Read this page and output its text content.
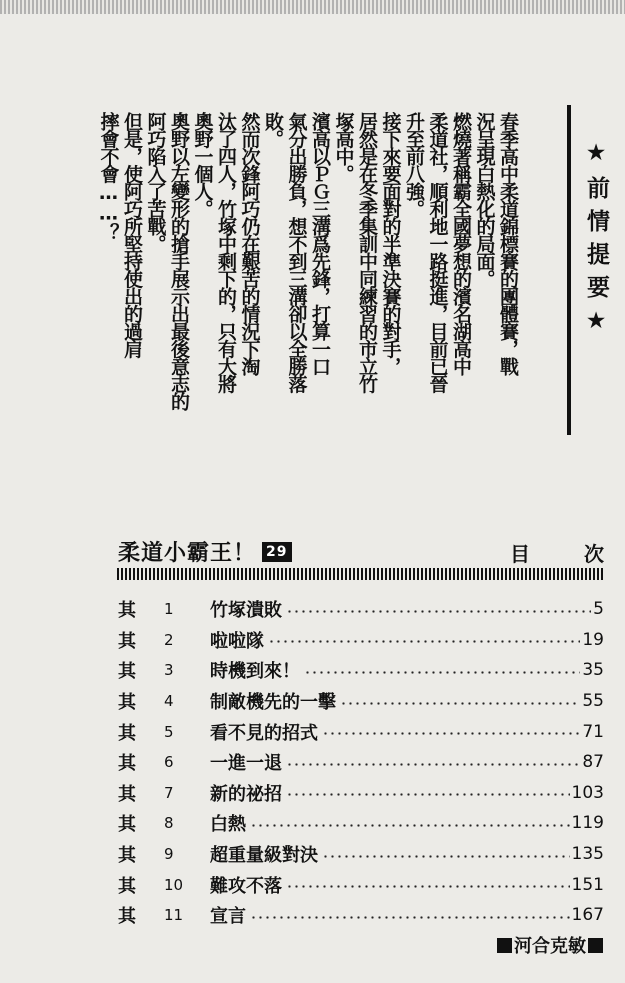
春季高中柔道錦標賽的團體賽，戰
況呈現白熱化的局面。
燃燒著稱霸全國夢想的濱名湖高中
柔道社，順利地一路挺進，目前已晉
升至前八強。
接下來要面對的半準決賽的對手，
居然是在冬季集訓中同練習的市立竹
塚高中。
濱高以ＰＧ三溝爲先鋒，打算一口
氣分出勝負，想不到三溝卻以全勝落
敗。
然而次鋒阿巧仍在艱苦的情況下淘
汰了四人，竹塚中剩下的，只有大將
奧野一個人。
奧野以左變形的搶手展示出最後意志的
阿巧陷入了苦戰。
但是，使阿巧所堅持使出的過肩
摔會不會……？	★前情提要★
柔道小霸王！ 29	目	次
其	1	竹塚潰敗	5
其	2	啦啦隊	19
其	3	時機到來！	35
其	4	制敵機先的一擊	55
其	5	看不見的招式	71
其	6	一進一退	87
其	7	新的祕招	103
其	8	白熱	119
其	9	超重量級對決	135
其	10	難攻不落	151
其	11	宣言	167
河合克敏
